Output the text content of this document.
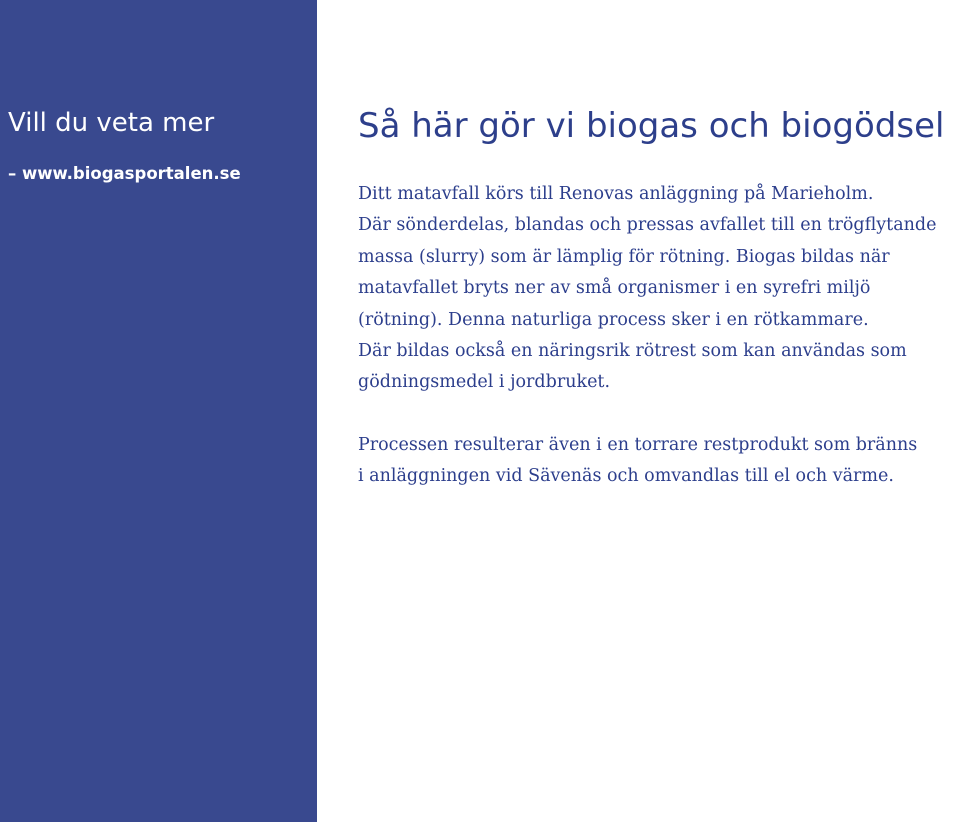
Vill du veta mer
– www.biogasportalen.se
Så här gör vi biogas och biogödsel

Ditt matavfall körs till Renovas anläggning på Marieholm.
Där sönderdelas, blandas och pressas avfallet till en trögflytande
massa (slurry) som är lämplig för rötning. Biogas bildas när
matavfallet bryts ner av små organismer i en syrefri miljö
(rötning). Denna naturliga process sker i en rötkammare.
Där bildas också en näringsrik rötrest som kan användas som
gödningsmedel i jordbruket.

Processen resulterar även i en torrare restprodukt som bränns
i anläggningen vid Sävenäs och omvandlas till el och värme.
